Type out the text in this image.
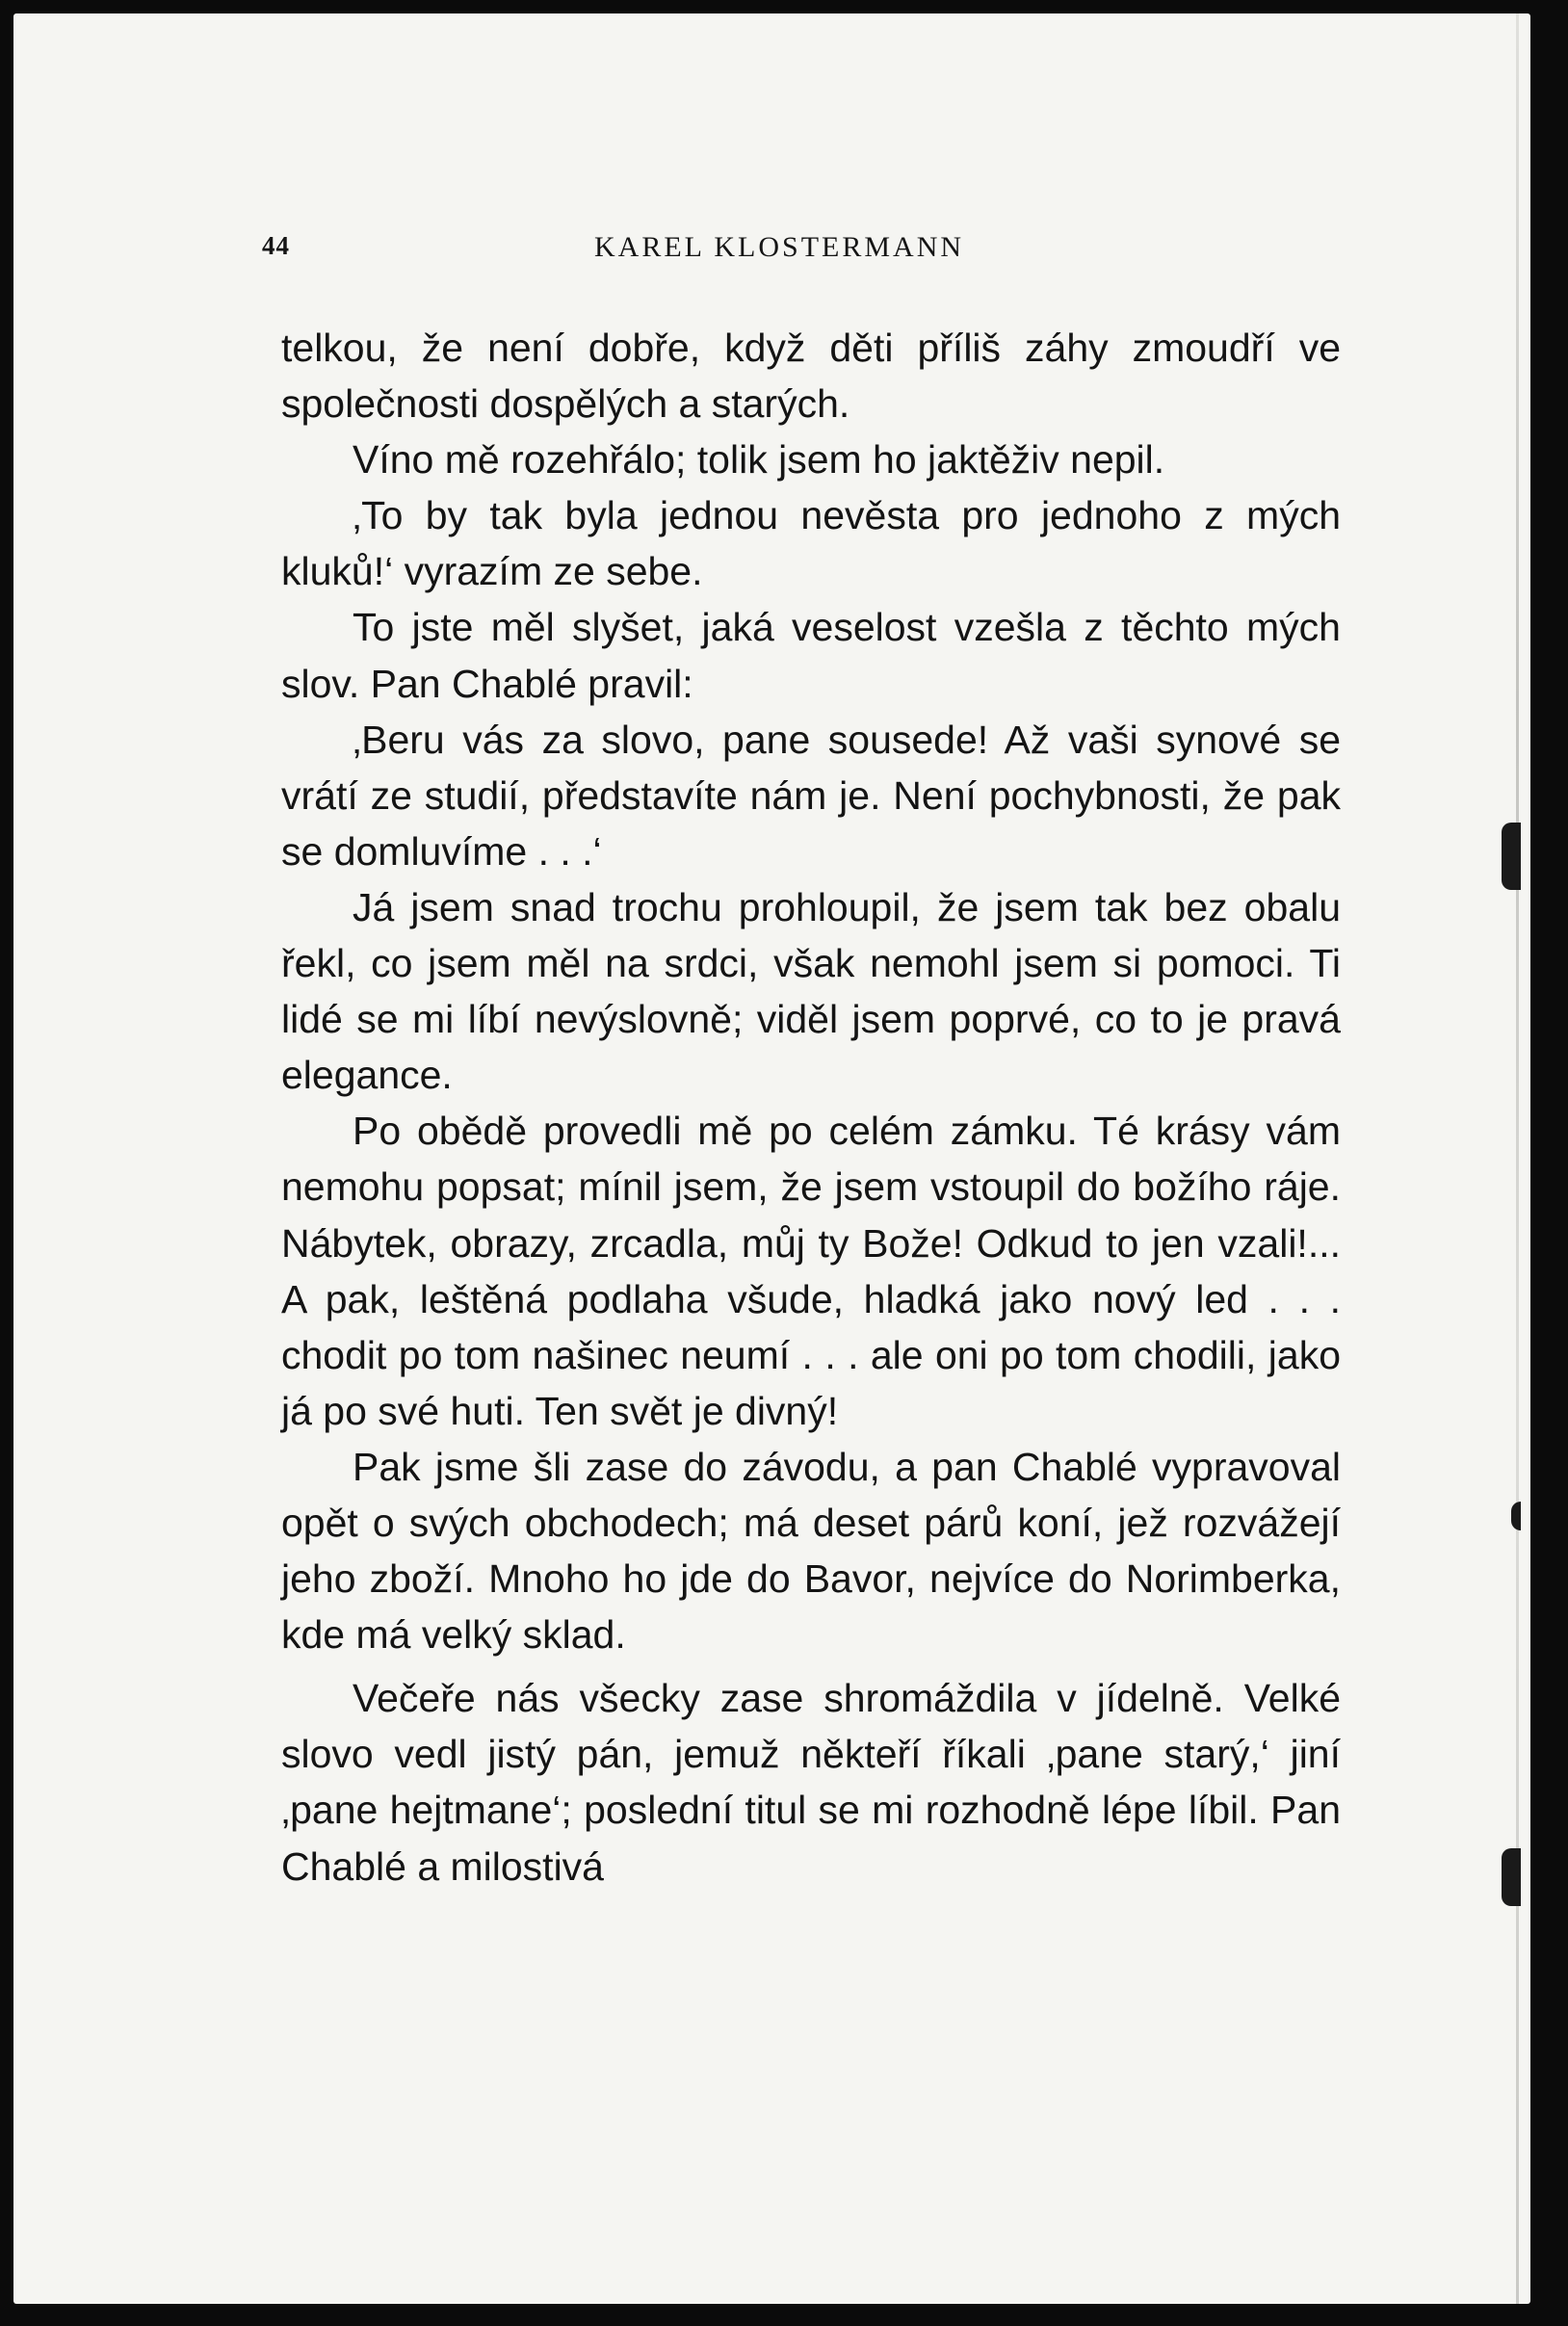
44	KAREL KLOSTERMANN

telkou, že není dobře, když děti příliš záhy zmoudří ve společnosti dospělých a starých.

Víno mě rozehřálo; tolik jsem ho jaktěživ nepil.

‚To by tak byla jednou nevěsta pro jednoho z mých kluků!‘ vyrazím ze sebe.

To jste měl slyšet, jaká veselost vzešla z těchto mých slov. Pan Chablé pravil:

‚Beru vás za slovo, pane sousede! Až vaši synové se vrátí ze studií, představíte nám je. Není pochybnosti, že pak se domluvíme . . .‘

Já jsem snad trochu prohloupil, že jsem tak bez obalu řekl, co jsem měl na srdci, však nemohl jsem si pomoci. Ti lidé se mi líbí nevýslovně; viděl jsem poprvé, co to je pravá elegance.

Po obědě provedli mě po celém zámku. Té krásy vám nemohu popsat; mínil jsem, že jsem vstoupil do božího ráje. Nábytek, obrazy, zrcadla, můj ty Bože! Odkud to jen vzali!... A pak, leštěná podlaha všude, hladká jako nový led . . . chodit po tom našinec neumí . . . ale oni po tom chodili, jako já po své huti. Ten svět je divný!

Pak jsme šli zase do závodu, a pan Chablé vypravoval opět o svých obchodech; má deset párů koní, jež rozvážejí jeho zboží. Mnoho ho jde do Bavor, nejvíce do Norimberka, kde má velký sklad.

Večeře nás všecky zase shromáždila v jídelně. Velké slovo vedl jistý pán, jemuž někteří říkali ‚pane starý,‘ jiní ‚pane hejtmane‘; poslední titul se mi rozhodně lépe líbil. Pan Chablé a milostivá
